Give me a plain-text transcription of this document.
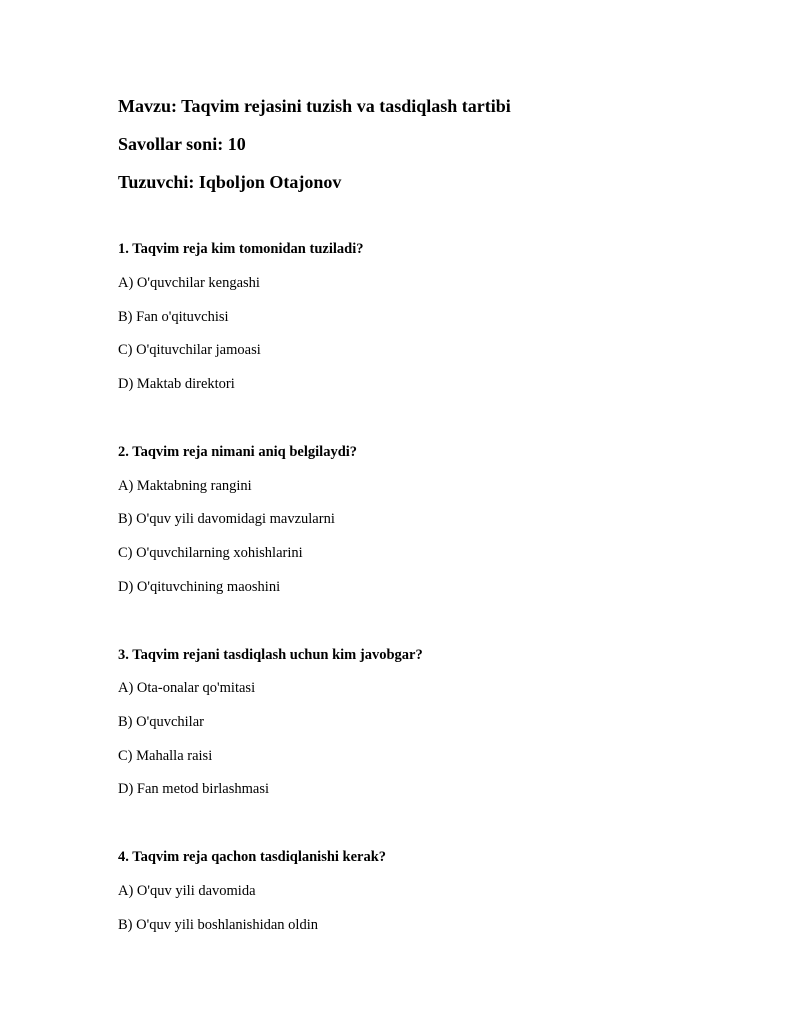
Mavzu: Taqvim rejasini tuzish va tasdiqlash tartibi
Savollar soni: 10
Tuzuvchi: Iqboljon Otajonov
1. Taqvim reja kim tomonidan tuziladi?
A) O'quvchilar kengashi
B) Fan o'qituvchisi
C) O'qituvchilar jamoasi
D) Maktab direktori
2. Taqvim reja nimani aniq belgilaydi?
A) Maktabning rangini
B) O'quv yili davomidagi mavzularni
C) O'quvchilarning xohishlarini
D) O'qituvchining maoshini
3. Taqvim rejani tasdiqlash uchun kim javobgar?
A) Ota-onalar qo'mitasi
B) O'quvchilar
C) Mahalla raisi
D) Fan metod birlashmasi
4. Taqvim reja qachon tasdiqlanishi kerak?
A) O'quv yili davomida
B) O'quv yili boshlanishidan oldin
